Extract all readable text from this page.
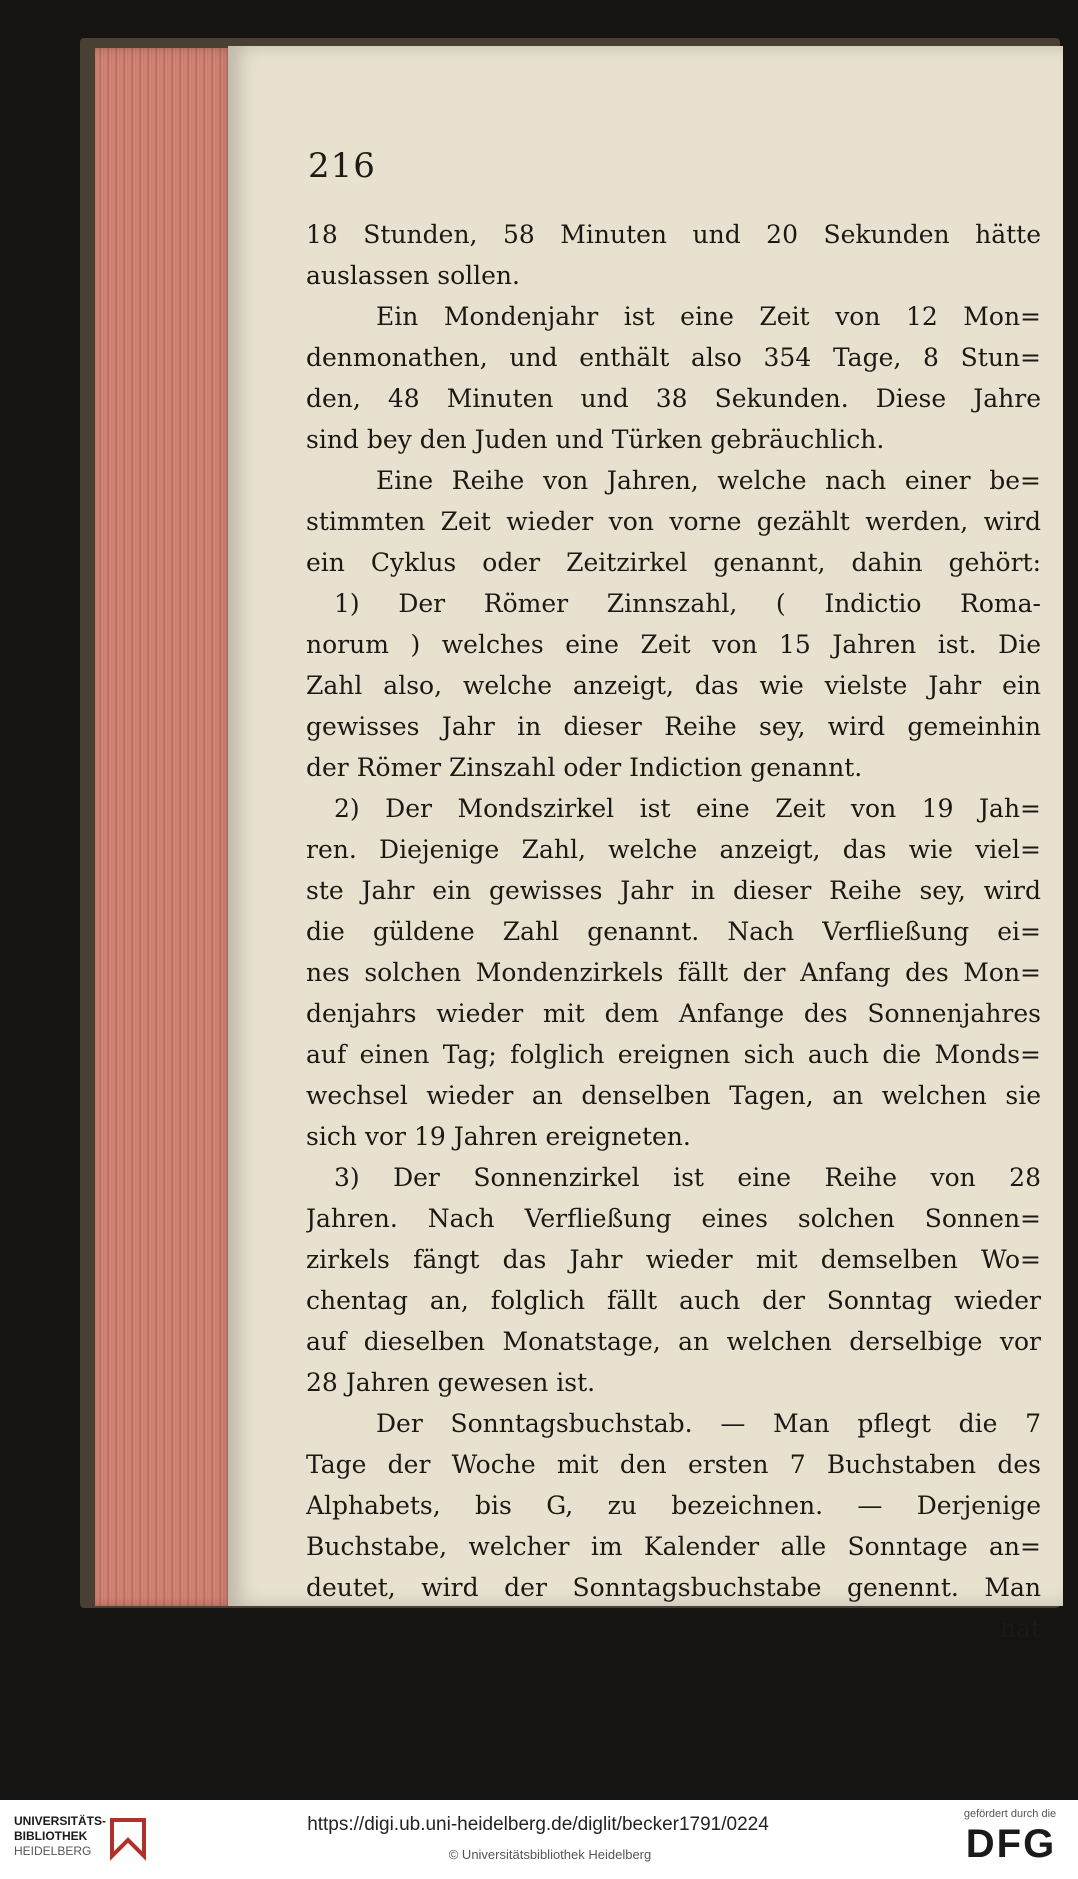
216
18 Stunden, 58 Minuten und 20 Sekunden hätte
auslassen sollen.
Ein Mondenjahr ist eine Zeit von 12 Mon=
denmonathen, und enthält also 354 Tage, 8 Stun=
den, 48 Minuten und 38 Sekunden. Diese Jahre
sind bey den Juden und Türken gebräuchlich.
Eine Reihe von Jahren, welche nach einer be=
stimmten Zeit wieder von vorne gezählt werden, wird
ein Cyklus oder Zeitzirkel genannt, dahin gehört:
1) Der Römer Zinnszahl, ( Indictio Roma-
norum ) welches eine Zeit von 15 Jahren ist. Die
Zahl also, welche anzeigt, das wie vielste Jahr ein
gewisses Jahr in dieser Reihe sey, wird gemeinhin
der Römer Zinszahl oder Indiction genannt.
2) Der Mondszirkel ist eine Zeit von 19 Jah=
ren. Diejenige Zahl, welche anzeigt, das wie viel=
ste Jahr ein gewisses Jahr in dieser Reihe sey, wird
die güldene Zahl genannt. Nach Verfließung ei=
nes solchen Mondenzirkels fällt der Anfang des Mon=
denjahrs wieder mit dem Anfange des Sonnenjahres
auf einen Tag; folglich ereignen sich auch die Monds=
wechsel wieder an denselben Tagen, an welchen sie
sich vor 19 Jahren ereigneten.
3) Der Sonnenzirkel ist eine Reihe von 28
Jahren. Nach Verfließung eines solchen Sonnen=
zirkels fängt das Jahr wieder mit demselben Wo=
chentag an, folglich fällt auch der Sonntag wieder
auf dieselben Monatstage, an welchen derselbige vor
28 Jahren gewesen ist.
Der Sonntagsbuchstab. — Man pflegt die 7
Tage der Woche mit den ersten 7 Buchstaben des
Alphabets, bis G, zu bezeichnen. — Derjenige
Buchstabe, welcher im Kalender alle Sonntage an=
deutet, wird der Sonntagsbuchstabe genennt. Man
hat
UNIVERSITÄTS-
BIBLIOTHEK
HEIDELBERG
https://digi.ub.uni-heidelberg.de/diglit/becker1791/0224
© Universitätsbibliothek Heidelberg
gefördert durch die
DFG
